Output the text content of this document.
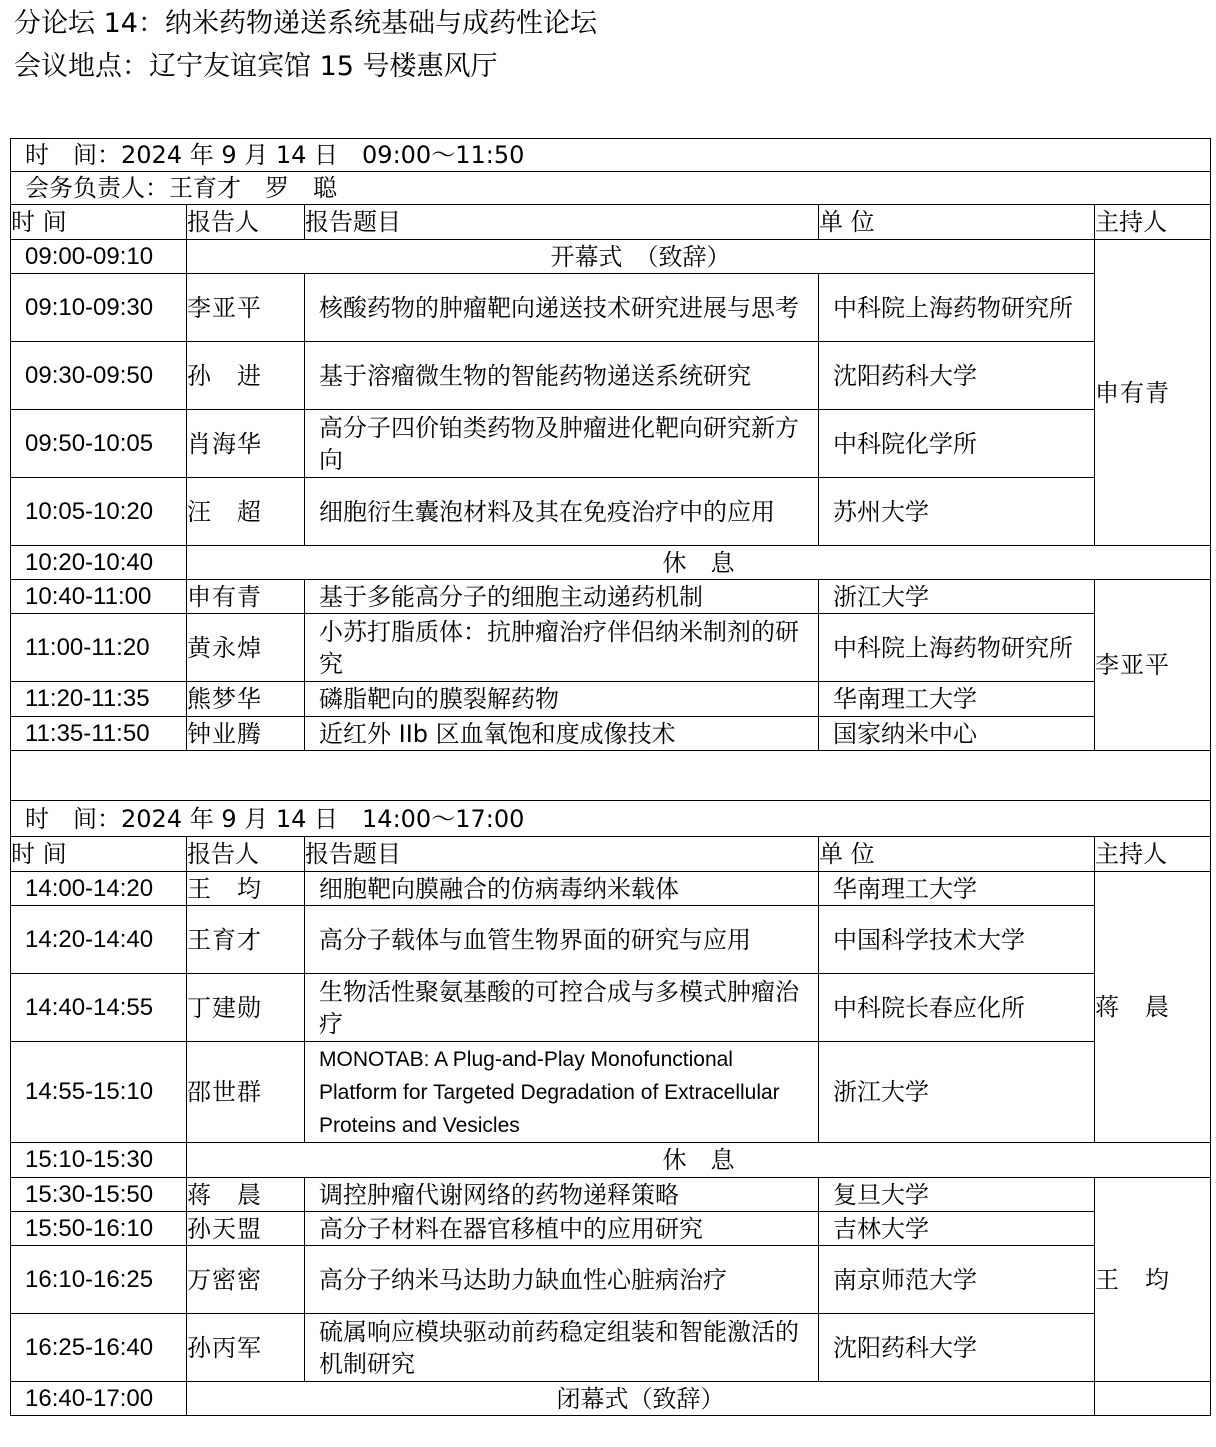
分论坛 14：纳米药物递送系统基础与成药性论坛
会议地点：辽宁友谊宾馆 15 号楼惠风厅
时　间：2024 年 9 月 14 日　09:00～11:50				
会务负责人：王育才　罗　聪				
时 间	报告人	报告题目	单 位	主持人
09:00-09:10	开幕式　（致辞）			申有青
09:10-09:30	李亚平	核酸药物的肿瘤靶向递送技术研究进展与思考	中科院上海药物研究所	
09:30-09:50	孙　进	基于溶瘤微生物的智能药物递送系统研究	沈阳药科大学	
09:50-10:05	肖海华	高分子四价铂类药物及肿瘤进化靶向研究新方向	中科院化学所	
10:05-10:20	汪　超	细胞衍生囊泡材料及其在免疫治疗中的应用	苏州大学	
10:20-10:40	休　息			
10:40-11:00	申有青	基于多能高分子的细胞主动递药机制	浙江大学	李亚平
11:00-11:20	黄永焯	小苏打脂质体：抗肿瘤治疗伴侣纳米制剂的研究	中科院上海药物研究所	
11:20-11:35	熊梦华	磷脂靶向的膜裂解药物	华南理工大学	
11:35-11:50	钟业腾	近红外 IIb 区血氧饱和度成像技术	国家纳米中心	

时　间：2024 年 9 月 14 日　14:00～17:00				
时 间	报告人	报告题目	单 位	主持人
14:00-14:20	王　均	细胞靶向膜融合的仿病毒纳米载体	华南理工大学	蒋　晨
14:20-14:40	王育才	高分子载体与血管生物界面的研究与应用	中国科学技术大学	
14:40-14:55	丁建勋	生物活性聚氨基酸的可控合成与多模式肿瘤治疗	中科院长春应化所	
14:55-15:10	邵世群	MONOTAB: A Plug-and-Play Monofunctional Platform for Targeted Degradation of Extracellular Proteins and Vesicles	浙江大学	
15:10-15:30	休　息			
15:30-15:50	蒋　晨	调控肿瘤代谢网络的药物递释策略	复旦大学	王　均
15:50-16:10	孙天盟	高分子材料在器官移植中的应用研究	吉林大学	
16:10-16:25	万密密	高分子纳米马达助力缺血性心脏病治疗	南京师范大学	
16:25-16:40	孙丙军	硫属响应模块驱动前药稳定组装和智能激活的机制研究	沈阳药科大学	
16:40-17:00	闭幕式（致辞）			
